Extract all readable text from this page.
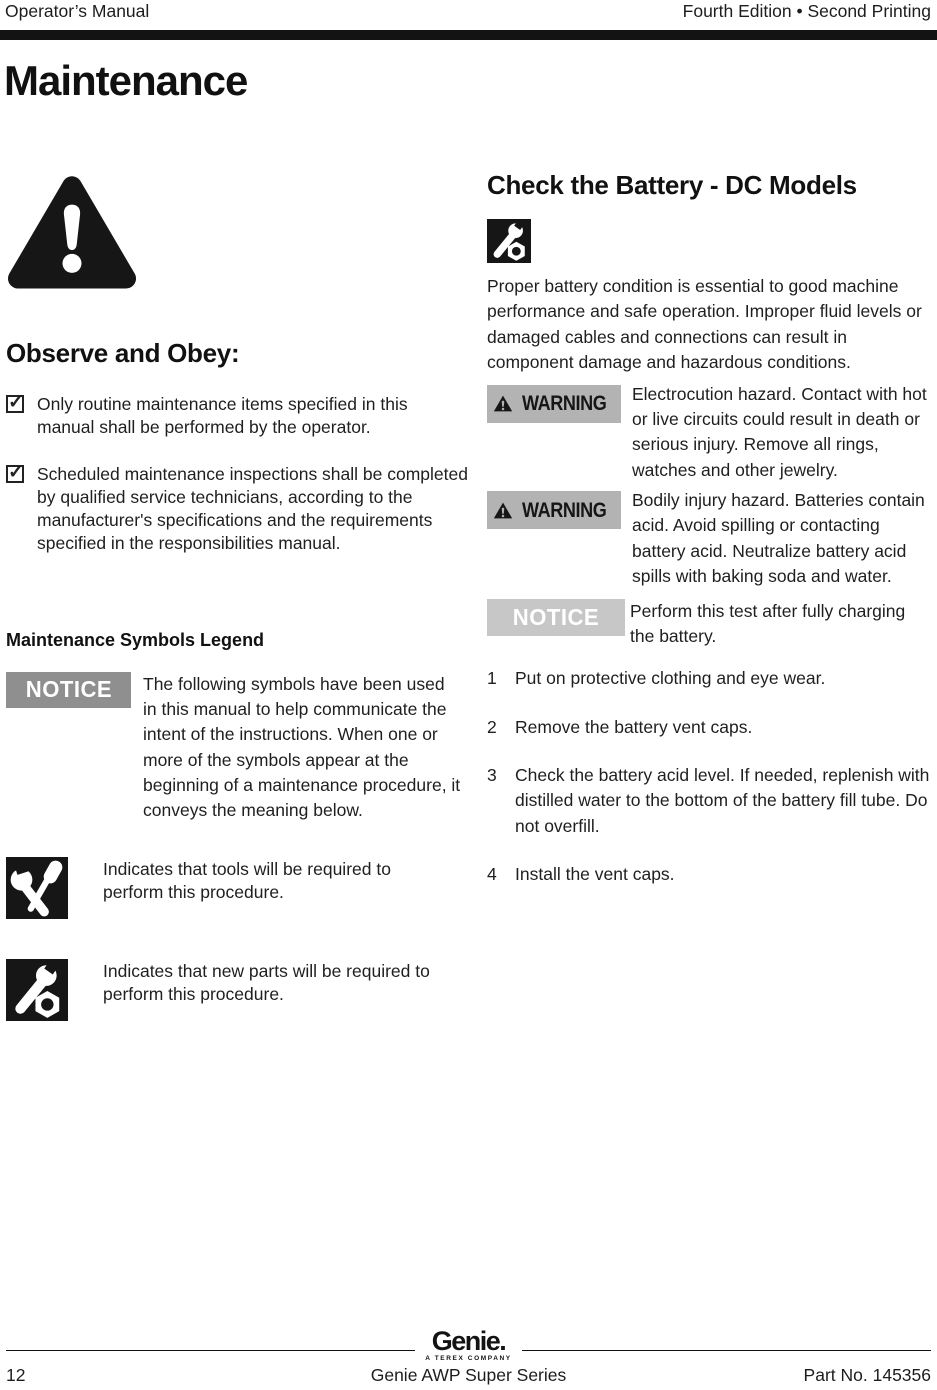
Operator’s Manual	Fourth Edition • Second Printing
Maintenance
Observe and Obey:
✓

Only routine maintenance items specified in this manual shall be performed by the operator.

✓

Scheduled maintenance inspections shall be completed by qualified service technicians, according to the manufacturer's specifications and the requirements specified in the responsibilities manual.

Maintenance Symbols Legend
NOTICE The following symbols have been used in this manual to help communicate the intent of the instructions. When one or more of the symbols appear at the beginning of a maintenance procedure, it conveys the meaning below.

Indicates that tools will be required to perform this procedure.

Indicates that new parts will be required to perform this procedure.

Check the Battery - DC Models

Proper battery condition is essential to good machine performance and safe operation. Improper fluid levels or damaged cables and connections can result in component damage and hazardous conditions.

WARNING Electrocution hazard. Contact with hot or live circuits could result in death or serious injury. Remove all rings, watches and other jewelry.

WARNING Bodily injury hazard. Batteries contain acid. Avoid spilling or contacting battery acid. Neutralize battery acid spills with baking soda and water.

NOTICE Perform this test after fully charging the battery.

1	Put on protective clothing and eye wear.

2	Remove the battery vent caps.

3	Check the battery acid level. If needed, replenish with distilled water to the bottom of the battery fill tube. Do not overfill.

4	Install the vent caps.

Genie.
A TEREX COMPANY
12	Genie AWP Super Series	Part No. 145356
